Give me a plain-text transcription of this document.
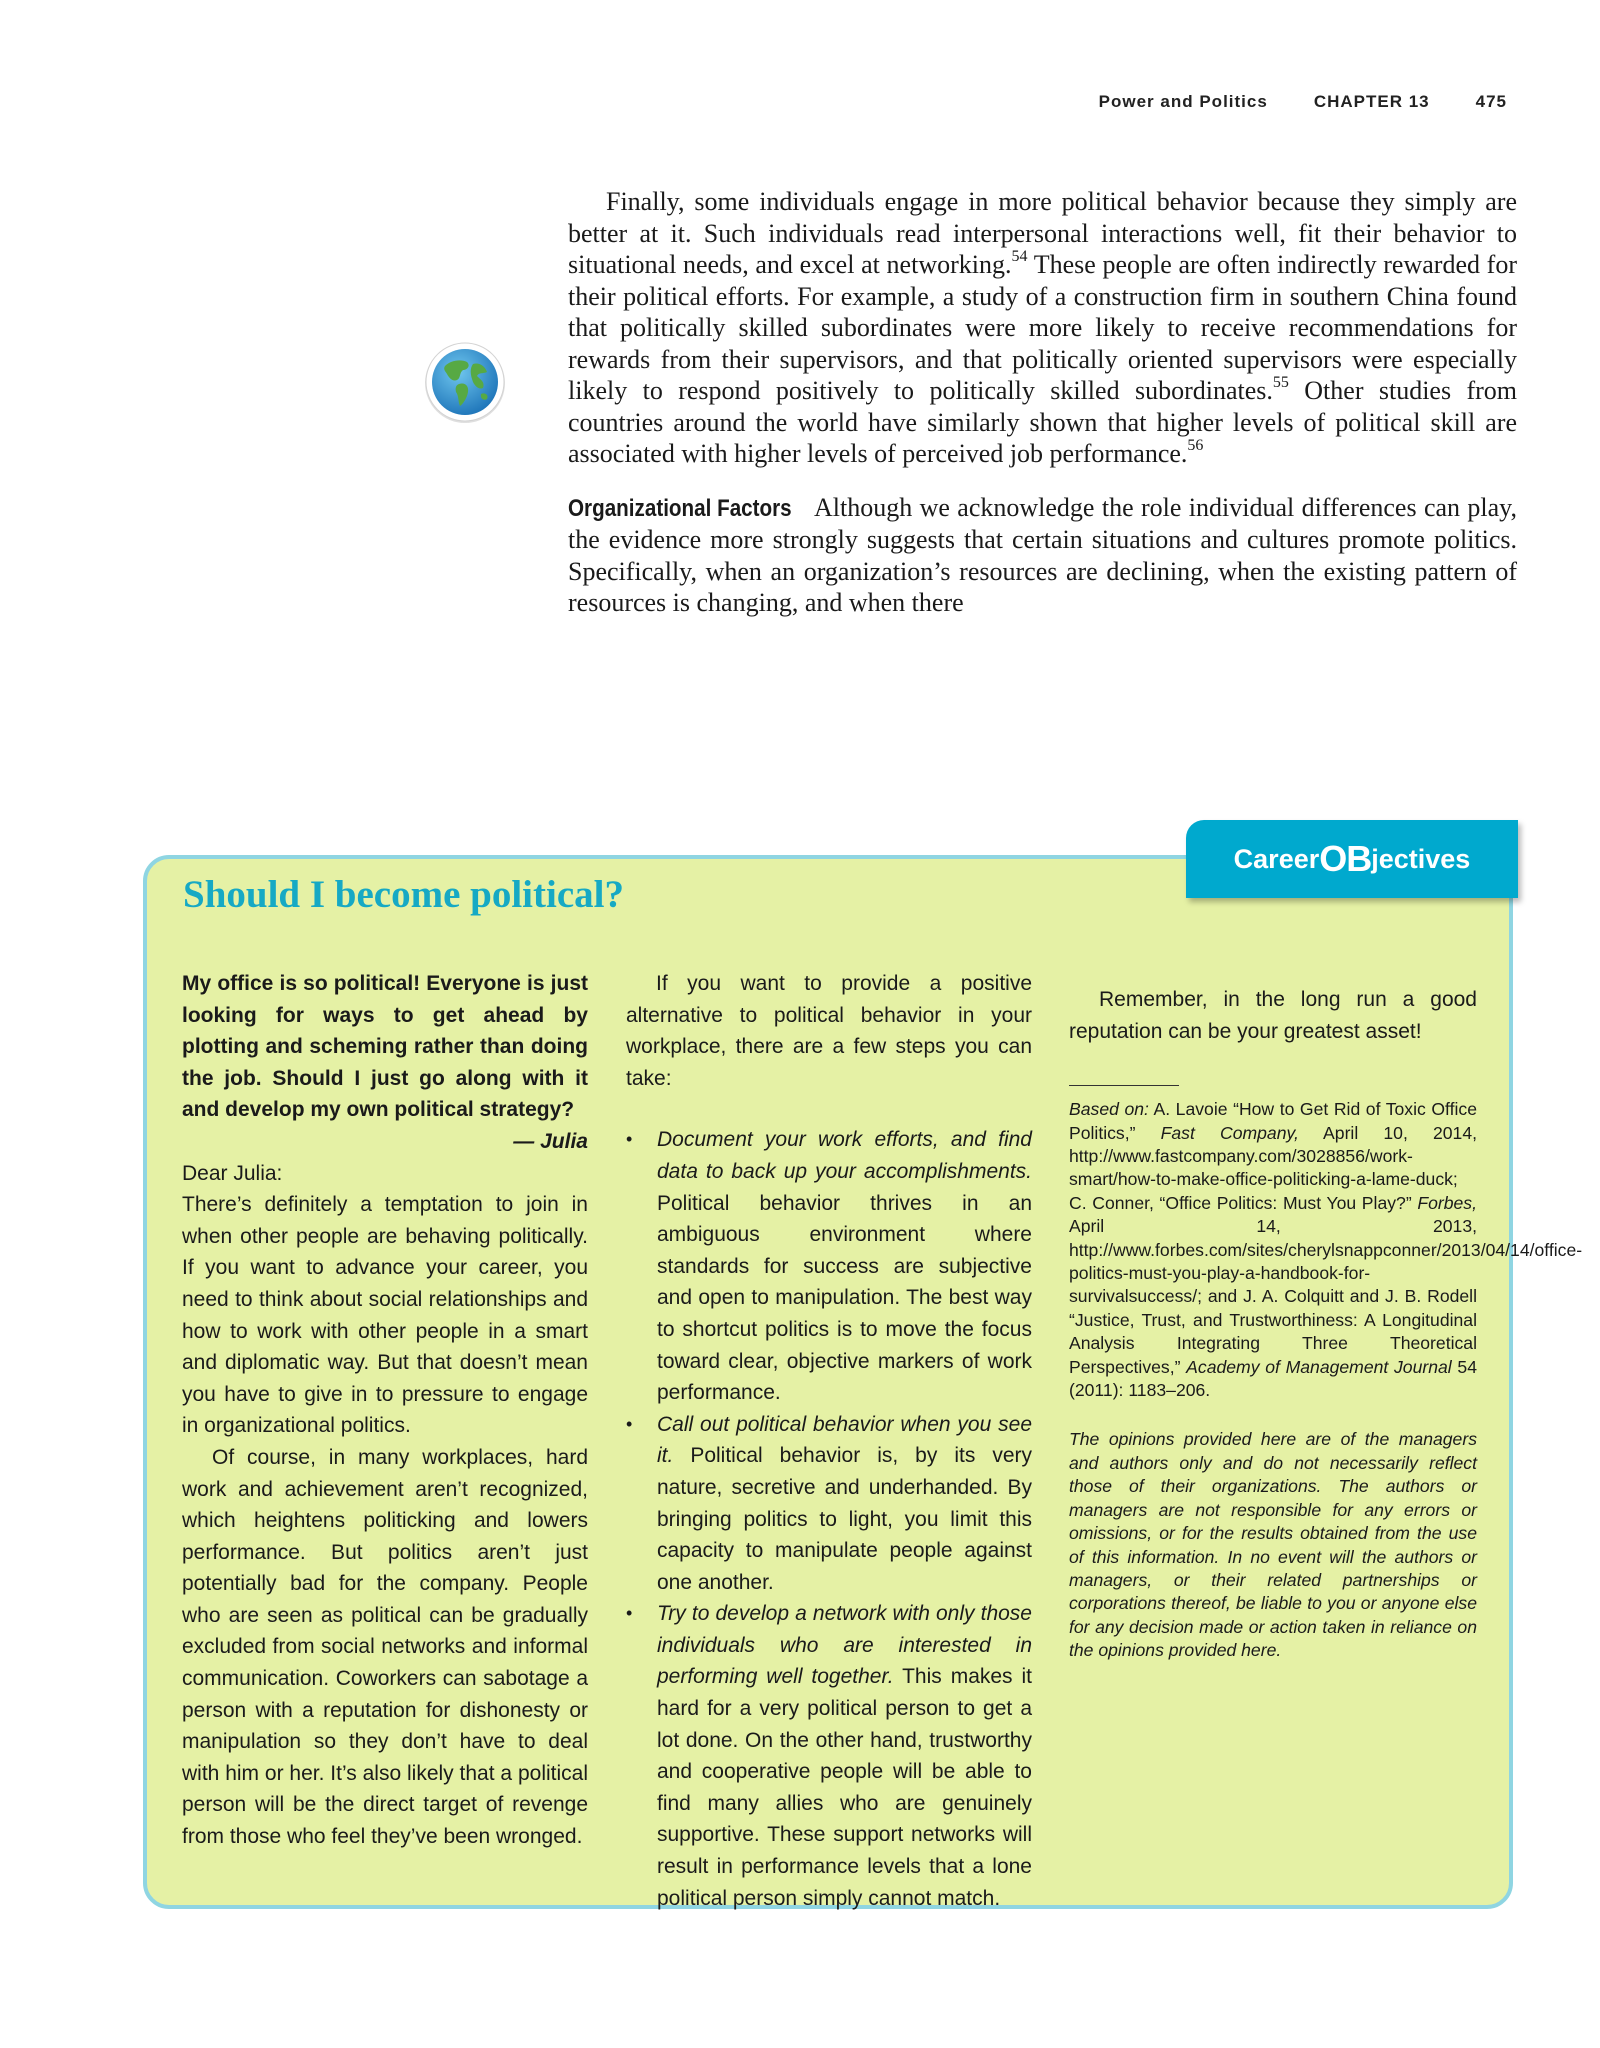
Power and Politics	CHAPTER 13	475

Finally, some individuals engage in more political behavior because they simply are better at it. Such individuals read interpersonal interactions well, fit their behavior to situational needs, and excel at networking.$^{54}$ These people are often indirectly rewarded for their political efforts. For example, a study of a construction firm in southern China found that politically skilled subordinates were more likely to receive recommendations for rewards from their supervisors, and that politically oriented supervisors were especially likely to respond positively to politically skilled subordinates.$^{55}$ Other studies from countries around the world have similarly shown that higher levels of political skill are associated with higher levels of perceived job performance.$^{56}$

Organizational Factors Although we acknowledge the role individual differences can play, the evidence more strongly suggests that certain situations and cultures promote politics. Specifically, when an organization’s resources are declining, when the existing pattern of resources is changing, and when there

Career OB jectives
Should I become political?

My office is so political! Everyone is just looking for ways to get ahead by plotting and scheming rather than doing the job. Should I just go along with it and develop my own political strategy?

— Julia

Dear Julia:

There’s definitely a temptation to join in when other people are behaving politically. If you want to advance your career, you need to think about social relationships and how to work with other people in a smart and diplomatic way. But that doesn’t mean you have to give in to pressure to engage in organizational politics.

Of course, in many workplaces, hard work and achievement aren’t recognized, which heightens politicking and lowers performance. But politics aren’t just potentially bad for the company. People who are seen as political can be gradually excluded from social networks and informal communication. Coworkers can sabotage a person with a reputation for dishonesty or manipulation so they don’t have to deal with him or her. It’s also likely that a political person will be the direct target of revenge from those who feel they’ve been wronged.

If you want to provide a positive alternative to political behavior in your workplace, there are a few steps you can take:

• Document your work efforts, and find data to back up your accomplishments. Political behavior thrives in an ambiguous environment where standards for success are subjective and open to manipulation. The best way to shortcut politics is to move the focus toward clear, objective markers of work performance.
• Call out political behavior when you see it. Political behavior is, by its very nature, secretive and underhanded. By bringing politics to light, you limit this capacity to manipulate people against one another.
• Try to develop a network with only those individuals who are interested in performing well together. This makes it hard for a very political person to get a lot done. On the other hand, trustworthy and cooperative people will be able to find many allies who are genuinely supportive. These support networks will result in performance levels that a lone political person simply cannot match.

Remember, in the long run a good reputation can be your greatest asset!

Based on: A. Lavoie “How to Get Rid of Toxic Office Politics,” Fast Company, April 10, 2014, http://www.fastcompany.com/3028856/work-smart/how-to-make-office-politicking-a-lame-duck; C. Conner, “Office Politics: Must You Play?” Forbes, April 14, 2013, http://www.forbes.com/sites/cherylsnappconner/2013/04/14/office-politics-must-you-play-a-handbook-for-survivalsuccess/; and J. A. Colquitt and J. B. Rodell “Justice, Trust, and Trustworthiness: A Longitudinal Analysis Integrating Three Theoretical Perspectives,” Academy of Management Journal 54 (2011): 1183–206.

The opinions provided here are of the managers and authors only and do not necessarily reflect those of their organizations. The authors or managers are not responsible for any errors or omissions, or for the results obtained from the use of this information. In no event will the authors or managers, or their related partnerships or corporations thereof, be liable to you or anyone else for any decision made or action taken in reliance on the opinions provided here.
